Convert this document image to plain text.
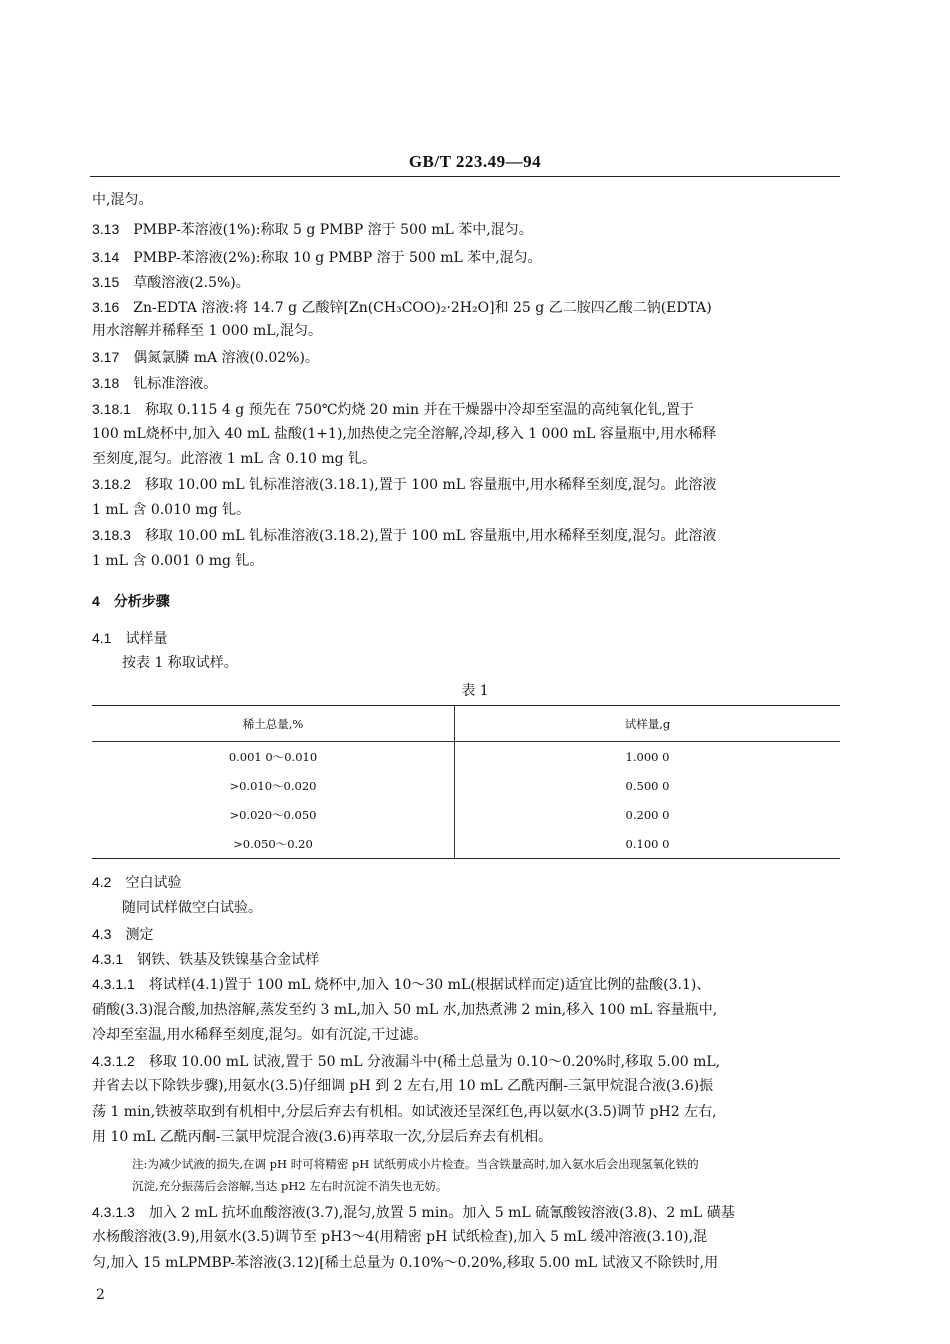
GB/T 223.49—94
中,混匀。
3.13 PMBP-苯溶液(1%):称取 5 g PMBP 溶于 500 mL 苯中,混匀。
3.14 PMBP-苯溶液(2%):称取 10 g PMBP 溶于 500 mL 苯中,混匀。
3.15 草酸溶液(2.5%)。
3.16 Zn-EDTA 溶液:将 14.7 g 乙酸锌[Zn(CH₃COO)₂·2H₂O]和 25 g 乙二胺四乙酸二钠(EDTA)
用水溶解并稀释至 1 000 mL,混匀。
3.17 偶氮氯膦 mA 溶液(0.02%)。
3.18 钆标准溶液。
3.18.1 称取 0.115 4 g 预先在 750℃灼烧 20 min 并在干燥器中冷却至室温的高纯氧化钆,置于
100 mL烧杯中,加入 40 mL 盐酸(1+1),加热使之完全溶解,冷却,移入 1 000 mL 容量瓶中,用水稀释
至刻度,混匀。此溶液 1 mL 含 0.10 mg 钆。
3.18.2 移取 10.00 mL 钆标准溶液(3.18.1),置于 100 mL 容量瓶中,用水稀释至刻度,混匀。此溶液
1 mL 含 0.010 mg 钆。
3.18.3 移取 10.00 mL 钆标准溶液(3.18.2),置于 100 mL 容量瓶中,用水稀释至刻度,混匀。此溶液
1 mL 含 0.001 0 mg 钆。
4 分析步骤
4.1 试样量
按表 1 称取试样。
表 1
稀土总量,%	试样量,g
0.001 0～0.010	1.000 0
>0.010～0.020	0.500 0
>0.020～0.050	0.200 0
>0.050～0.20	0.100 0
4.2 空白试验
随同试样做空白试验。
4.3 测定
4.3.1 钢铁、铁基及铁镍基合金试样
4.3.1.1 将试样(4.1)置于 100 mL 烧杯中,加入 10～30 mL(根据试样而定)适宜比例的盐酸(3.1)、
硝酸(3.3)混合酸,加热溶解,蒸发至约 3 mL,加入 50 mL 水,加热煮沸 2 min,移入 100 mL 容量瓶中,
冷却至室温,用水稀释至刻度,混匀。如有沉淀,干过滤。
4.3.1.2 移取 10.00 mL 试液,置于 50 mL 分液漏斗中(稀土总量为 0.10～0.20%时,移取 5.00 mL,
并省去以下除铁步骤),用氨水(3.5)仔细调 pH 到 2 左右,用 10 mL 乙酰丙酮-三氯甲烷混合液(3.6)振
荡 1 min,铁被萃取到有机相中,分层后弃去有机相。如试液还呈深红色,再以氨水(3.5)调节 pH2 左右,
用 10 mL 乙酰丙酮-三氯甲烷混合液(3.6)再萃取一次,分层后弃去有机相。
注:为减少试液的损失,在调 pH 时可将精密 pH 试纸剪成小片检查。当含铁量高时,加入氨水后会出现氢氧化铁的
沉淀,充分振荡后会溶解,当达 pH2 左右时沉淀不消失也无妨。
4.3.1.3 加入 2 mL 抗坏血酸溶液(3.7),混匀,放置 5 min。加入 5 mL 硫氰酸铵溶液(3.8)、2 mL 磺基
水杨酸溶液(3.9),用氨水(3.5)调节至 pH3～4(用精密 pH 试纸检查),加入 5 mL 缓冲溶液(3.10),混
匀,加入 15 mLPMBP-苯溶液(3.12)[稀土总量为 0.10%～0.20%,移取 5.00 mL 试液又不除铁时,用
2
